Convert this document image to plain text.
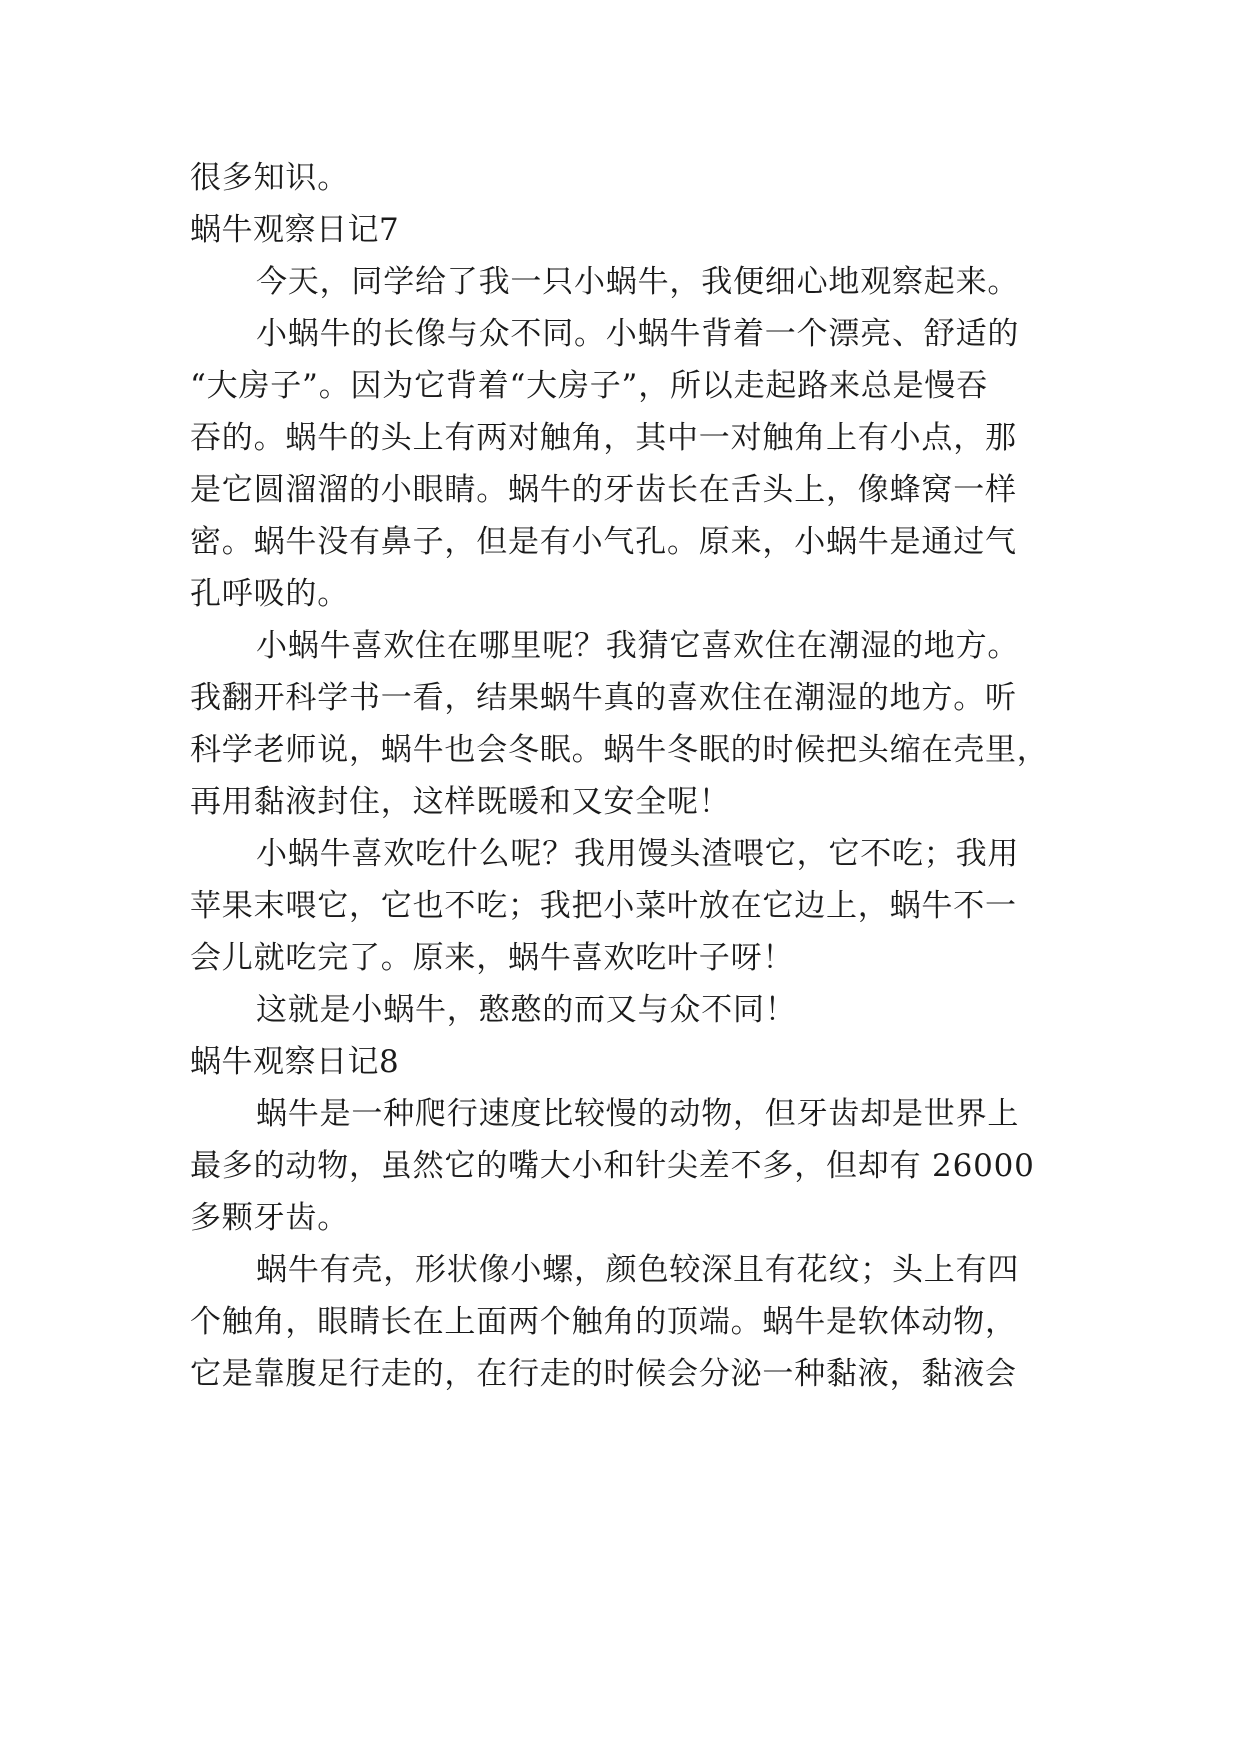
很多知识。
蜗牛观察日记7
今天，同学给了我一只小蜗牛，我便细心地观察起来。
小蜗牛的长像与众不同。小蜗牛背着一个漂亮、舒适的
“大房子”。因为它背着“大房子”，所以走起路来总是慢吞
吞的。蜗牛的头上有两对触角，其中一对触角上有小点，那
是它圆溜溜的小眼睛。蜗牛的牙齿长在舌头上，像蜂窝一样
密。蜗牛没有鼻子，但是有小气孔。原来，小蜗牛是通过气
孔呼吸的。
小蜗牛喜欢住在哪里呢？我猜它喜欢住在潮湿的地方。
我翻开科学书一看，结果蜗牛真的喜欢住在潮湿的地方。听
科学老师说，蜗牛也会冬眠。蜗牛冬眠的时候把头缩在壳里，
再用黏液封住，这样既暖和又安全呢！
小蜗牛喜欢吃什么呢？我用馒头渣喂它，它不吃；我用
苹果末喂它，它也不吃；我把小菜叶放在它边上，蜗牛不一
会儿就吃完了。原来，蜗牛喜欢吃叶子呀！
这就是小蜗牛，憨憨的而又与众不同！
蜗牛观察日记8
蜗牛是一种爬行速度比较慢的动物，但牙齿却是世界上
最多的动物，虽然它的嘴大小和针尖差不多，但却有 26000
多颗牙齿。
蜗牛有壳，形状像小螺，颜色较深且有花纹；头上有四
个触角，眼睛长在上面两个触角的顶端。蜗牛是软体动物，
它是靠腹足行走的，在行走的时候会分泌一种黏液，黏液会
